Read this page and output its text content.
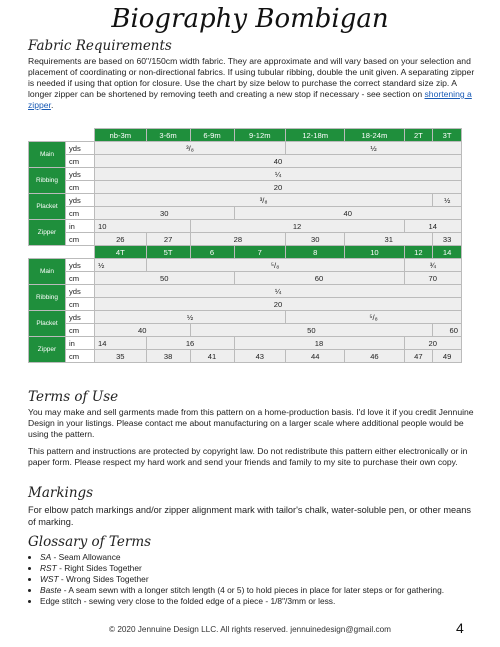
Biography Bombigan
Fabric Requirements

Requirements are based on 60"/150cm width fabric. They are approximate and will vary based on your selection and placement of coordinating or non-directional fabrics. If using tubular ribbing, double the unit given. A separating zipper is needed if using that option for closure. Use the chart by size below to purchase the correct standard size zip. A longer zipper can be shortened by removing teeth and creating a new stop if necessary - see section on shortening a zipper.

		nb-3m	3-6m	6-9m	9-12m	12-18m	18-24m	2T	3T
Main	yds	³/₈				½			
	cm	40							
Ribbing	yds	¼							
	cm	20							
Placket	yds	³/₈							½
	cm	30			40				
Zipper	in	10		12				14	
	cm	26	27	28		30	31		33
		4T	5T	6	7	8	10	12	14
Main	yds	½	⁵/₈					¾	
	cm	50			60			70	
Ribbing	yds	¼							
	cm	20							
Placket	yds	½				⁵/₈			
	cm	40		50					60
Zipper	in	14	16		18			20	
	cm	35	38	41	43	44	46	47	49
Terms of Use

You may make and sell garments made from this pattern on a home-production basis. I'd love it if you credit Jennuine Design in your listings. Please contact me about manufacturing on a larger scale where additional people would be using the pattern.

This pattern and instructions are protected by copyright law. Do not redistribute this pattern either electronically or in paper form. Please respect my hard work and send your friends and family to my site to purchase their own copy.

Markings

For elbow patch markings and/or zipper alignment mark with tailor's chalk, water-soluble pen, or other means of marking.

Glossary of Terms
• SA - Seam Allowance
• RST - Right Sides Together
• WST - Wrong Sides Together
• Baste - A seam sewn with a longer stitch length (4 or 5) to hold pieces in place for later steps or for gathering.
• Edge stitch - sewing very close to the folded edge of a piece - 1/8"/3mm or less.
© 2020 Jennuine Design LLC. All rights reserved. jennuinedesign@gmail.com	4
